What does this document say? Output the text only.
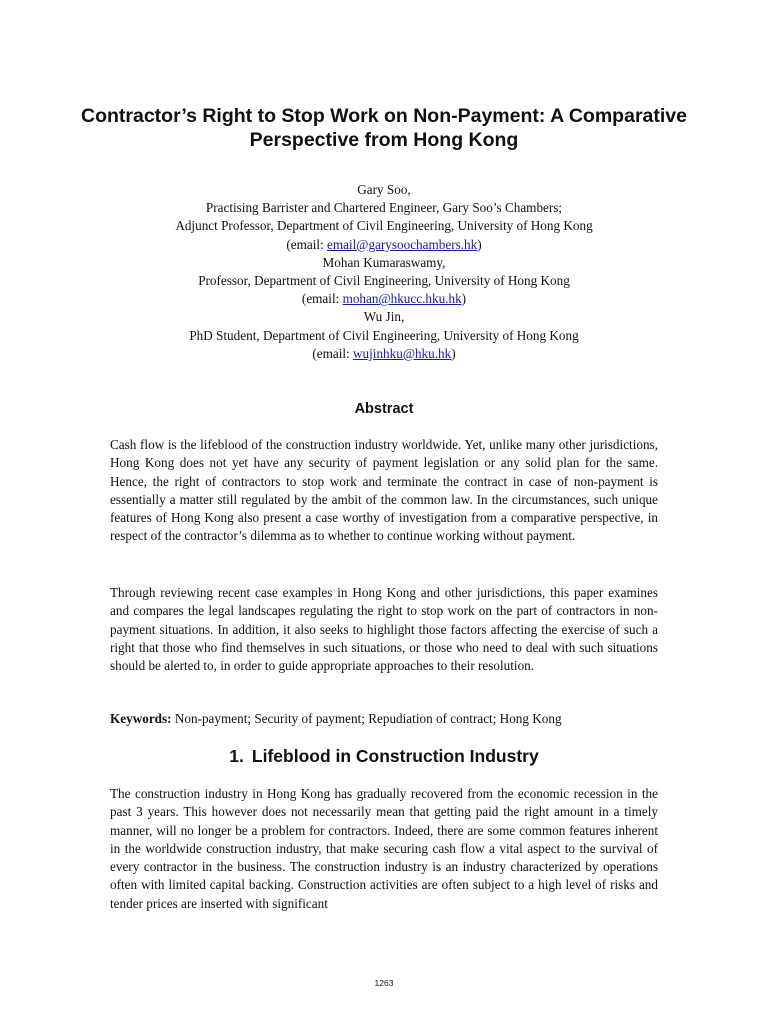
Contractor’s Right to Stop Work on Non-Payment: A Comparative Perspective from Hong Kong
Gary Soo,
Practising Barrister and Chartered Engineer, Gary Soo’s Chambers;
Adjunct Professor, Department of Civil Engineering, University of Hong Kong
(email: email@garysoochambers.hk)
Mohan Kumaraswamy,
Professor, Department of Civil Engineering, University of Hong Kong
(email: mohan@hkucc.hku.hk)
Wu Jin,
PhD Student, Department of Civil Engineering, University of Hong Kong
(email: wujinhku@hku.hk)
Abstract

Cash flow is the lifeblood of the construction industry worldwide. Yet, unlike many other jurisdictions, Hong Kong does not yet have any security of payment legislation or any solid plan for the same. Hence, the right of contractors to stop work and terminate the contract in case of non-payment is essentially a matter still regulated by the ambit of the common law. In the circumstances, such unique features of Hong Kong also present a case worthy of investigation from a comparative perspective, in respect of the contractor’s dilemma as to whether to continue working without payment.

Through reviewing recent case examples in Hong Kong and other jurisdictions, this paper examines and compares the legal landscapes regulating the right to stop work on the part of contractors in non-payment situations. In addition, it also seeks to highlight those factors affecting the exercise of such a right that those who find themselves in such situations, or those who need to deal with such situations should be alerted to, in order to guide appropriate approaches to their resolution.

Keywords: Non-payment; Security of payment; Repudiation of contract; Hong Kong

1. Lifeblood in Construction Industry

The construction industry in Hong Kong has gradually recovered from the economic recession in the past 3 years. This however does not necessarily mean that getting paid the right amount in a timely manner, will no longer be a problem for contractors. Indeed, there are some common features inherent in the worldwide construction industry, that make securing cash flow a vital aspect to the survival of every contractor in the business. The construction industry is an industry characterized by operations often with limited capital backing. Construction activities are often subject to a high level of risks and tender prices are inserted with significant

1263
